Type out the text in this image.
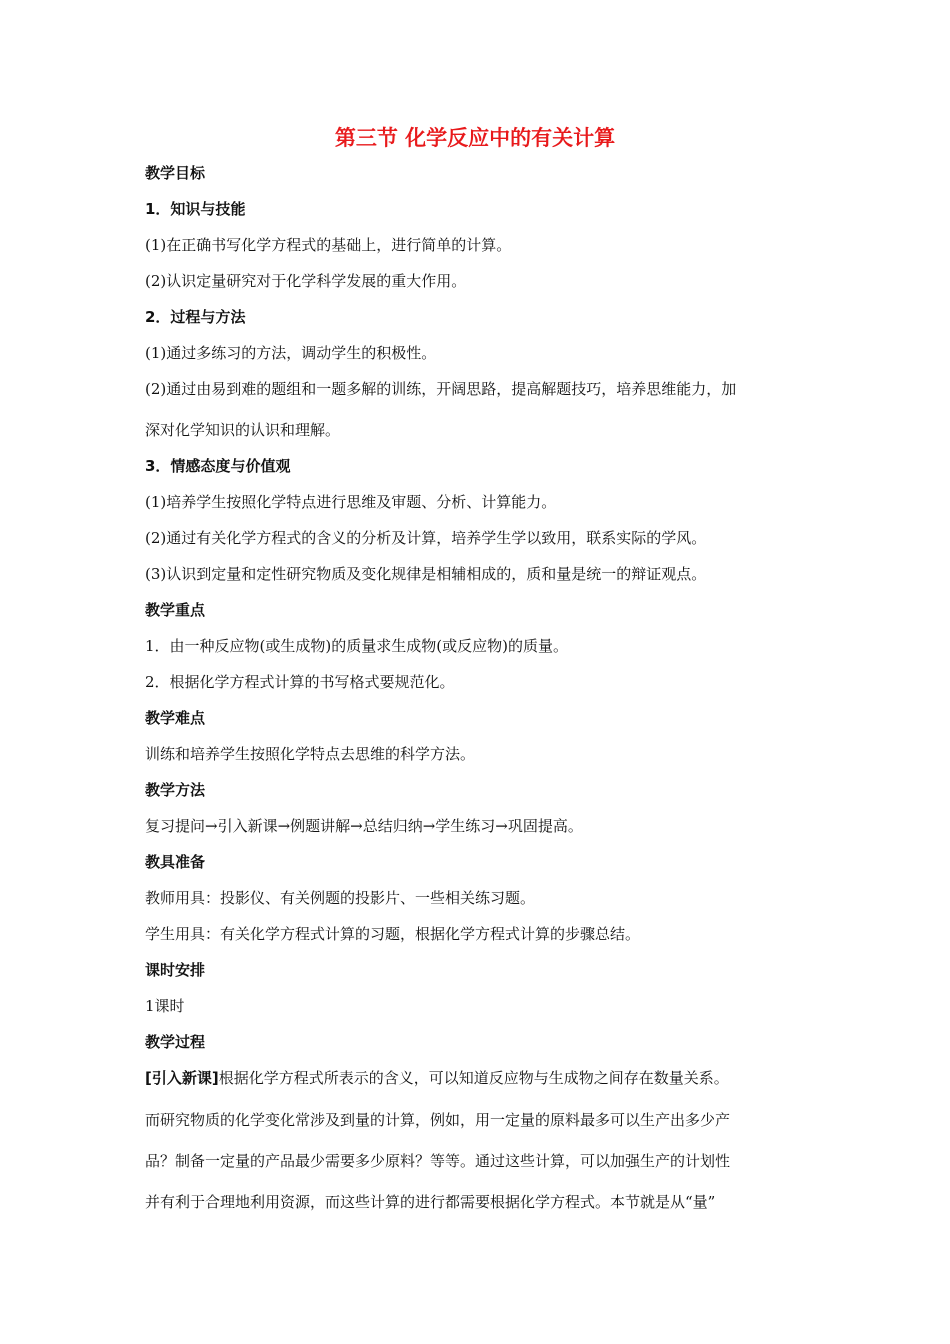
第三节 化学反应中的有关计算
教学目标
1．知识与技能
(1)在正确书写化学方程式的基础上，进行简单的计算。
(2)认识定量研究对于化学科学发展的重大作用。
2．过程与方法
(1)通过多练习的方法，调动学生的积极性。
(2)通过由易到难的题组和一题多解的训练，开阔思路，提高解题技巧，培养思维能力，加
深对化学知识的认识和理解。
3．情感态度与价值观
(1)培养学生按照化学特点进行思维及审题、分析、计算能力。
(2)通过有关化学方程式的含义的分析及计算，培养学生学以致用，联系实际的学风。
(3)认识到定量和定性研究物质及变化规律是相辅相成的，质和量是统一的辩证观点。
教学重点
1．由一种反应物(或生成物)的质量求生成物(或反应物)的质量。
2．根据化学方程式计算的书写格式要规范化。
教学难点
训练和培养学生按照化学特点去思维的科学方法。
教学方法
复习提问→引入新课→例题讲解→总结归纳→学生练习→巩固提高。
教具准备
教师用具：投影仪、有关例题的投影片、一些相关练习题。
学生用具：有关化学方程式计算的习题，根据化学方程式计算的步骤总结。
课时安排
1课时
教学过程
[引入新课]根据化学方程式所表示的含义，可以知道反应物与生成物之间存在数量关系。
而研究物质的化学变化常涉及到量的计算，例如，用一定量的原料最多可以生产出多少产
品？制备一定量的产品最少需要多少原料？等等。通过这些计算，可以加强生产的计划性
并有利于合理地利用资源，而这些计算的进行都需要根据化学方程式。本节就是从“量”
